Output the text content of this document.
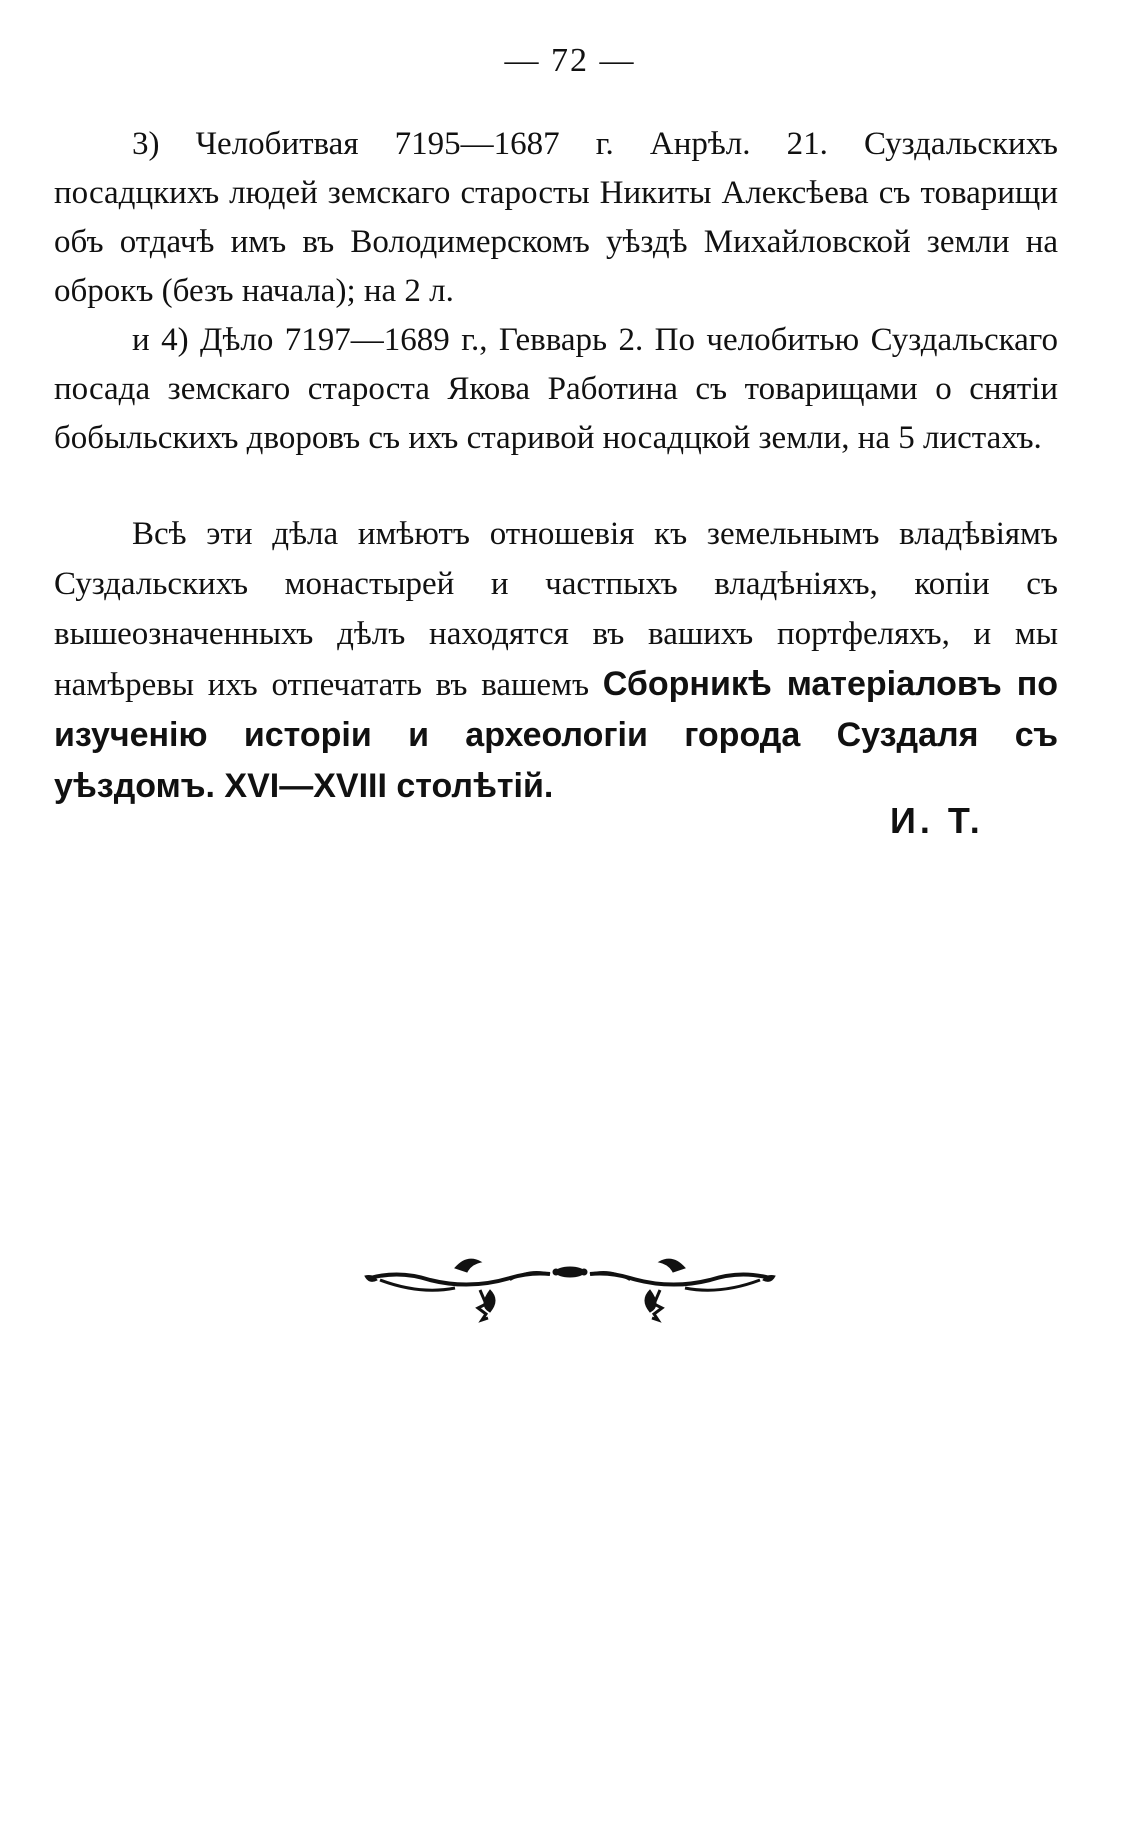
— 72 —

3) Челобитвая 7195—1687 г. Анрѣл. 21. Суздальскихъ посадцкихъ людей земскаго старосты Никиты Алексѣева съ товарищи объ отдачѣ имъ въ Володимерскомъ уѣздѣ Михайловской земли на оброкъ (безъ начала); на 2 л.

и 4) Дѣло 7197—1689 г., Гевварь 2. По челобитью Суздальскаго посада земскаго староста Якова Работина съ товарищами о снятіи бобыльскихъ дворовъ съ ихъ старивой носадцкой земли, на 5 листахъ.

Всѣ эти дѣла имѣютъ отношевія къ земельнымъ владѣвіямъ Суздальскихъ монастырей и частпыхъ владѣніяхъ, копіи съ вышеозначенныхъ дѣлъ находятся въ вашихъ портфеляхъ, и мы намѣревы ихъ отпечатать въ вашемъ Сборникѣ матеріаловъ по изученію исторіи и археологіи города Суздаля съ уѣздомъ. XVI—XVIII столѣтій.

И. Т.
